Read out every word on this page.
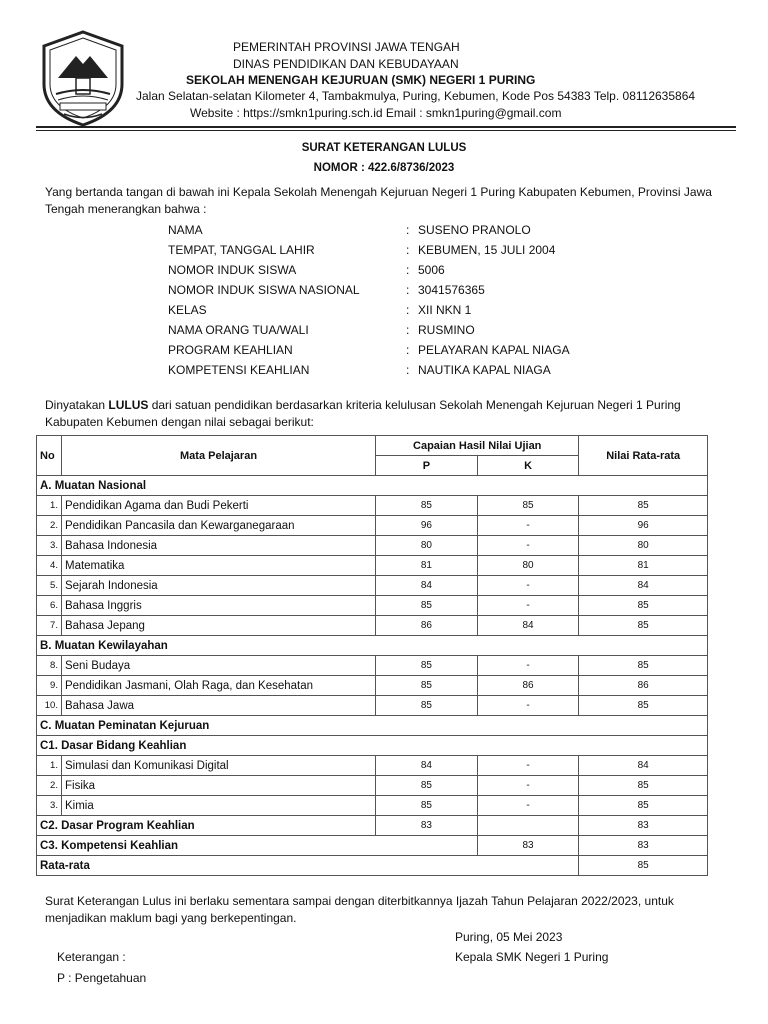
PEMERINTAH PROVINSI JAWA TENGAH
DINAS PENDIDIKAN DAN KEBUDAYAAN
SEKOLAH MENENGAH KEJURUAN (SMK) NEGERI 1 PURING
Jalan Selatan-selatan Kilometer 4, Tambakmulya, Puring, Kebumen, Kode Pos 54383 Telp. 08112635864
Website : https://smkn1puring.sch.id Email : smkn1puring@gmail.com
SURAT KETERANGAN LULUS
NOMOR : 422.6/8736/2023
Yang bertanda tangan di bawah ini Kepala Sekolah Menengah Kejuruan Negeri 1 Puring Kabupaten Kebumen, Provinsi Jawa Tengah menerangkan bahwa :
NAMA	: SUSENO PRANOLO
TEMPAT, TANGGAL LAHIR	: KEBUMEN, 15 JULI 2004
NOMOR INDUK SISWA	: 5006
NOMOR INDUK SISWA NASIONAL	: 3041576365
KELAS	: XII NKN 1
NAMA ORANG TUA/WALI	: RUSMINO
PROGRAM KEAHLIAN	: PELAYARAN KAPAL NIAGA
KOMPETENSI KEAHLIAN	: NAUTIKA KAPAL NIAGA
Dinyatakan LULUS dari satuan pendidikan berdasarkan kriteria kelulusan Sekolah Menengah Kejuruan Negeri 1 Puring Kabupaten Kebumen dengan nilai sebagai berikut:
No	Mata Pelajaran	Capaian Hasil Nilai Ujian		Nilai Rata-rata
		P	K	
A. Muatan Nasional				
1.	Pendidikan Agama dan Budi Pekerti	85	85	85
2.	Pendidikan Pancasila dan Kewarganegaraan	96	-	96
3.	Bahasa Indonesia	80	-	80
4.	Matematika	81	80	81
5.	Sejarah Indonesia	84	-	84
6.	Bahasa Inggris	85	-	85
7.	Bahasa Jepang	86	84	85
B. Muatan Kewilayahan				
8.	Seni Budaya	85	-	85
9.	Pendidikan Jasmani, Olah Raga, dan Kesehatan	85	86	86
10.	Bahasa Jawa	85	-	85
C. Muatan Peminatan Kejuruan				
C1. Dasar Bidang Keahlian				
1.	Simulasi dan Komunikasi Digital	84	-	84
2.	Fisika	85	-	85
3.	Kimia	85	-	85
C2. Dasar Program Keahlian		83		83
C3. Kompetensi Keahlian			83	83
Rata-rata				85
Surat Keterangan Lulus ini berlaku sementara sampai dengan diterbitkannya Ijazah Tahun Pelajaran 2022/2023, untuk menjadikan maklum bagi yang berkepentingan.
Puring, 05 Mei 2023
Keterangan :	Kepala SMK Negeri 1 Puring
P : Pengetahuan
